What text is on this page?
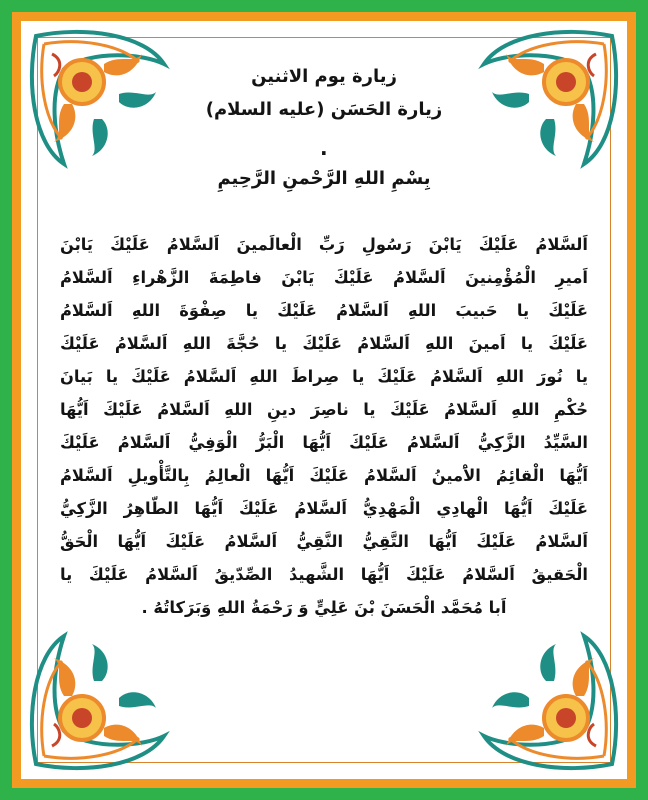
زيارة يوم الاثنين
زيارة الحَسَن (عليه السلام)
.
بِسْمِ اللهِ الرَّحْمنِ الرَّحِيمِ
اَلسَّلامُ عَلَيْكَ يَابْنَ رَسُولِ رَبِّ الْعالَمينَ اَلسَّلامُ عَلَيْكَ يَابْنَ
اَميرِ الْمُؤْمِنينَ اَلسَّلامُ عَلَيْكَ يَابْنَ فاطِمَةَ الزَّهْراءِ اَلسَّلامُ
عَلَيْكَ يا حَبيبَ اللهِ اَلسَّلامُ عَلَيْكَ يا صِفْوَةَ اللهِ اَلسَّلامُ
عَلَيْكَ يا اَمينَ اللهِ اَلسَّلامُ عَلَيْكَ يا حُجَّةَ اللهِ اَلسَّلامُ عَلَيْكَ
يا نُورَ اللهِ اَلسَّلامُ عَلَيْكَ يا صِراطَ اللهِ اَلسَّلامُ عَلَيْكَ يا بَيانَ
حُكْمِ اللهِ اَلسَّلامُ عَلَيْكَ يا ناصِرَ دينِ اللهِ اَلسَّلامُ عَلَيْكَ اَيُّهَا
السَّيِّدُ الزَّكِيُّ اَلسَّلامُ عَلَيْكَ اَيُّهَا الْبَرُّ الْوَفِيُّ اَلسَّلامُ عَلَيْكَ
اَيُّهَا الْقائِمُ الاَْمينُ اَلسَّلامُ عَلَيْكَ اَيُّهَا الْعالِمُ بِالتَّأْويلِ اَلسَّلامُ
عَلَيْكَ اَيُّهَا الْهادِي الْمَهْدِيُّ اَلسَّلامُ عَلَيْكَ اَيُّهَا الطّاهِرُ الزَّكِيُّ
اَلسَّلامُ عَلَيْكَ اَيُّهَا التَّقِيُّ النَّقِيُّ اَلسَّلامُ عَلَيْكَ اَيُّهَا الْحَقُّ
الْحَقيقُ اَلسَّلامُ عَلَيْكَ اَيُّهَا الشَّهيدُ الصِّدّيقُ اَلسَّلامُ عَلَيْكَ يا
اَبا مُحَمَّد الْحَسَنَ بْنَ عَلِيٍّ وَ رَحْمَةُ اللهِ وَبَرَكاتُهُ .
